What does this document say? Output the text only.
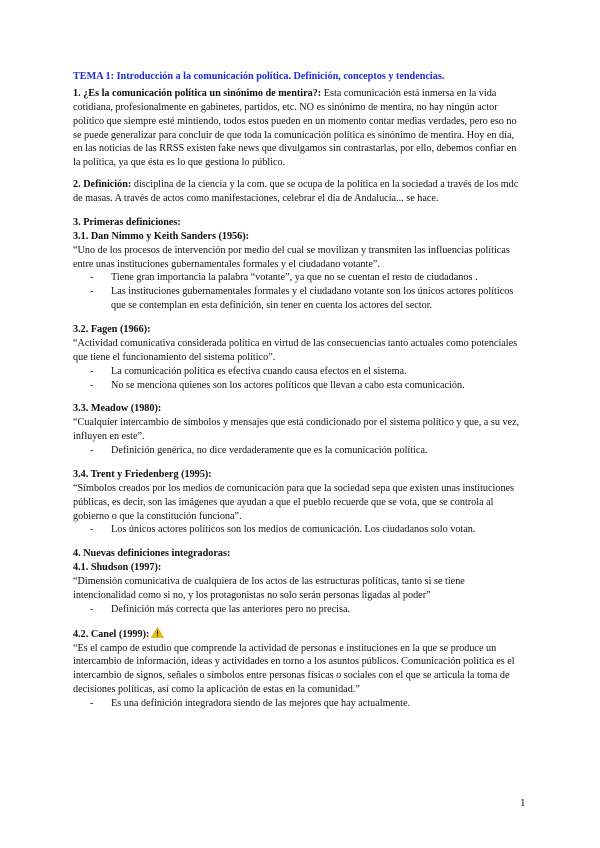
TEMA 1: Introducción a la comunicación política. Definición, conceptos y tendencias.

1. ¿Es la comunicación política un sinónimo de mentira?: Esta comunicación está inmersa en la vida cotidiana, profesionalmente en gabinetes, partidos, etc. NO es sinónimo de mentira, no hay ningún actor político que siempre esté mintiendo, todos estos pueden en un momento contar medias verdades, pero eso no se puede generalizar para concluir de que toda la comunicación política es sinónimo de mentira. Hoy en día, en las noticias de las RRSS existen fake news que divulgamos sin contrastarlas, por ello, debemos confiar en la política, ya que ésta es lo que gestiona lo público.

2. Definición: disciplina de la ciencia y la com. que se ocupa de la política en la sociedad a través de los mdc de masas. A través de actos como manifestaciones, celebrar el día de Andalucía... se hace.

3. Primeras definiciones:

3.1. Dan Nimmo y Keith Sanders (1956):

“Uno de los procesos de intervención por medio del cual se movilizan y transmiten las influencias políticas entre unas instituciones gubernamentales formales y el ciudadano votante”.

- Tiene gran importancia la palabra “votante”, ya que no se cuentan el resto de ciudadanos .
- Las instituciones gubernamentales formales y el ciudadano votante son los únicos actores políticos que se contemplan en esta definición, sin tener en cuenta los actores del sector.

3.2. Fagen (1966):

“Actividad comunicativa considerada política en virtud de las consecuencias tanto actuales como potenciales que tiene el funcionamiento del sistema político”.

- La comunicación política es efectiva cuando causa efectos en el sistema.
- No se menciona quienes son los actores políticos que llevan a cabo esta comunicación.

3.3. Meadow (1980):

“Cualquier intercambio de símbolos y mensajes que está condicionado por el sistema político y que, a su vez, influyen en este”.

- Definición genérica, no dice verdaderamente que es la comunicación política.

3.4. Trent y Friedenberg (1995):

“Símbolos creados por los medios de comunicación para que la sociedad sepa que existen unas instituciones públicas, es decir, son las imágenes que ayudan a que el pueblo recuerde que se vota, que se controla al gobierno o que la constitución funciona”.

- Los únicos actores políticos son los medios de comunicación. Los ciudadanos solo votan.

4. Nuevas definiciones integradoras:

4.1. Shudson (1997):

“Dimensión comunicativa de cualquiera de los actos de las estructuras políticas, tanto si se tiene intencionalidad como si no, y los protagonistas no solo serán personas ligadas al poder”

- Definición más correcta que las anteriores pero no precisa.

4.2. Canel (1999):

“Es el campo de estudio que comprende la actividad de personas e instituciones en la que se produce un intercambio de información, ideas y actividades en torno a los asuntos públicos. Comunicación política es el intercambio de signos, señales o símbolos entre personas físicas o sociales con el que se articula la toma de decisiones políticas, así como la aplicación de estas en la comunidad.”

- Es una definición integradora siendo de las mejores que hay actualmente.
1
